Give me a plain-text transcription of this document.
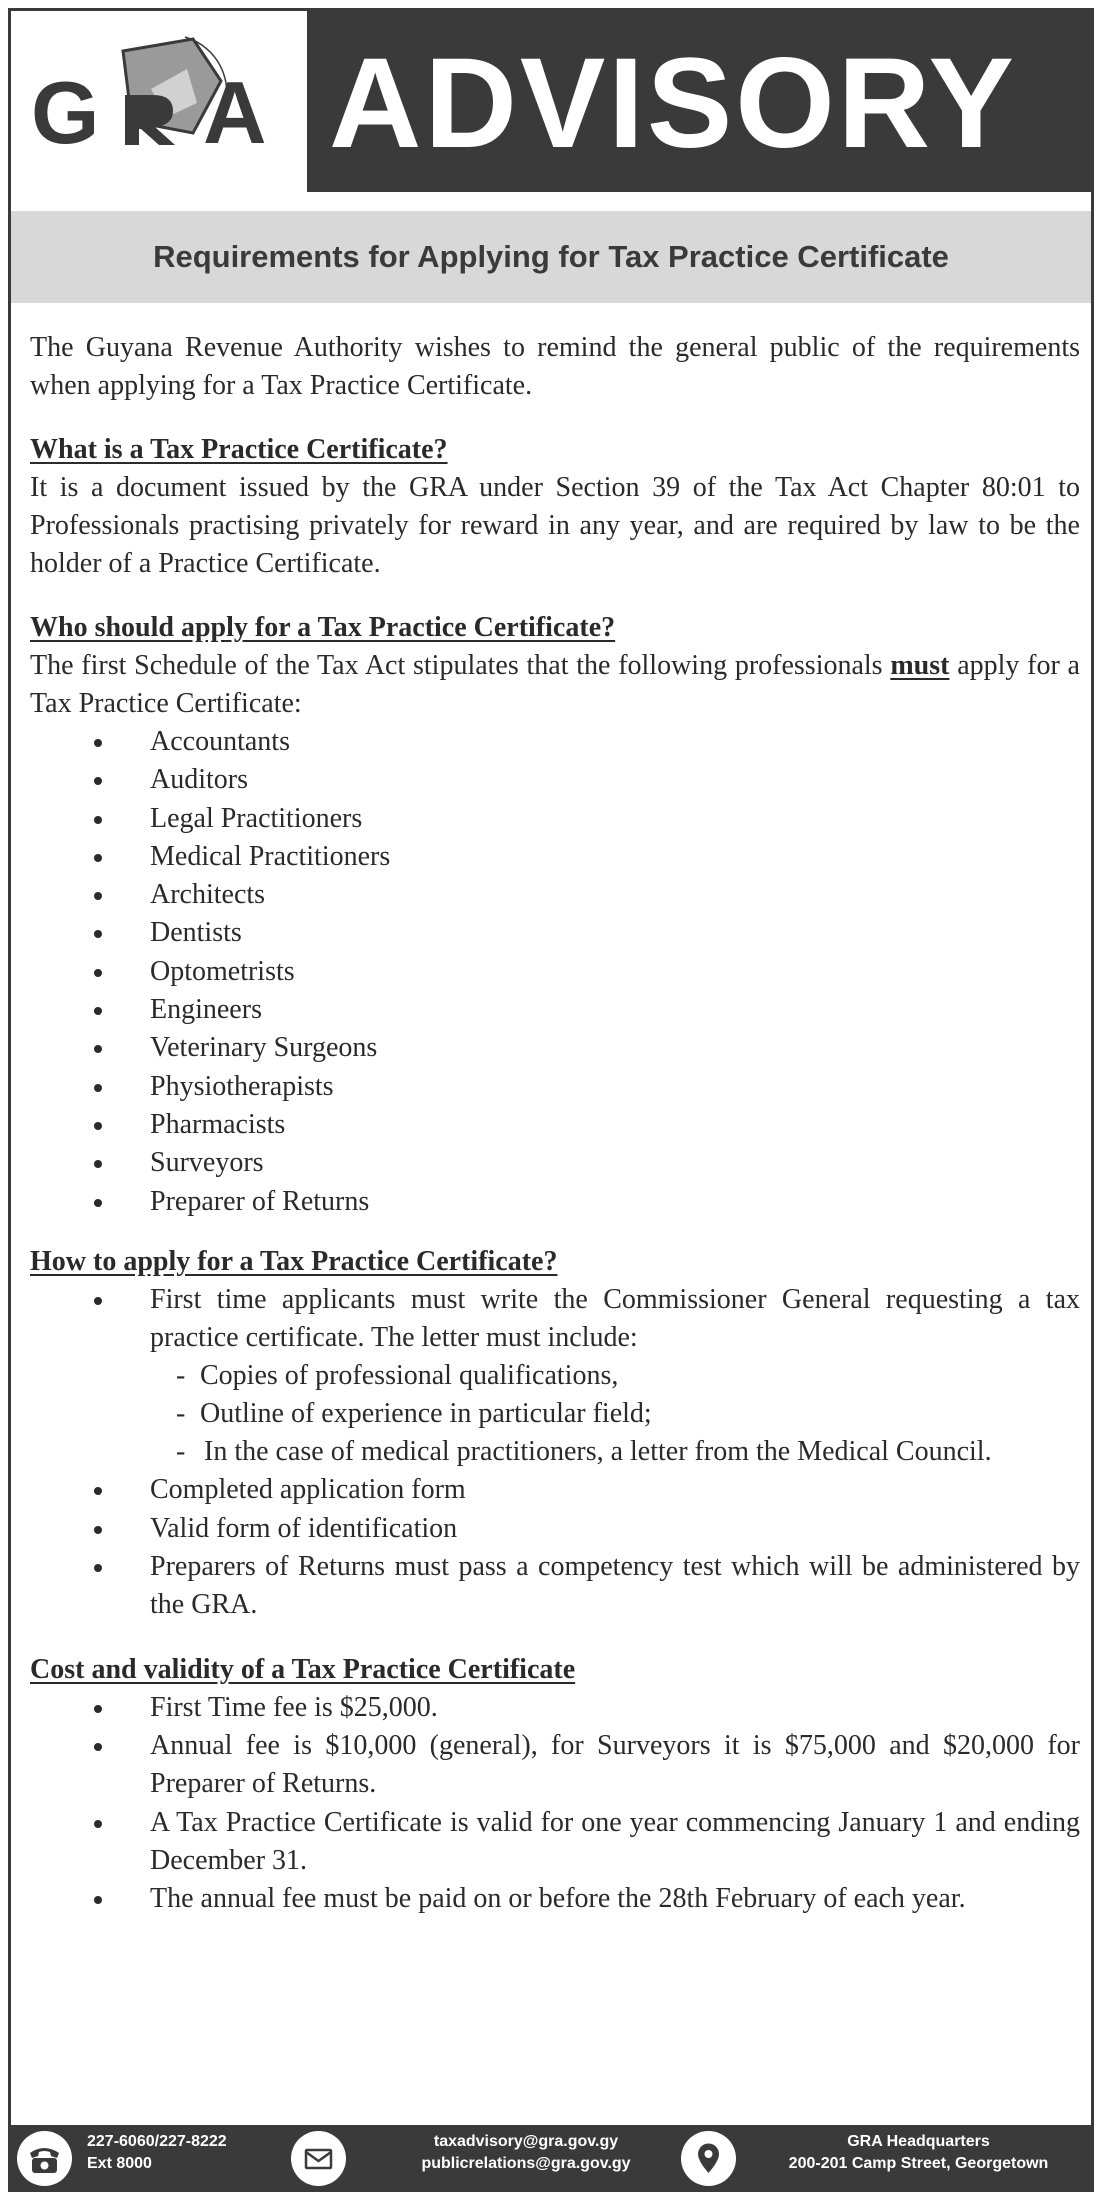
G A ADVISORY
Requirements for Applying for Tax Practice Certificate

The Guyana Revenue Authority wishes to remind the general public of the requirements when applying for a Tax Practice Certificate.

What is a Tax Practice Certificate?

It is a document issued by the GRA under Section 39 of the Tax Act Chapter 80:01 to Professionals practising privately for reward in any year, and are required by law to be the holder of a Practice Certificate.

Who should apply for a Tax Practice Certificate?

The first Schedule of the Tax Act stipulates that the following professionals must apply for a Tax Practice Certificate:

Accountants
Auditors
Legal Practitioners
Medical Practitioners
Architects
Dentists
Optometrists
Engineers
Veterinary Surgeons
Physiotherapists
Pharmacists
Surveyors
Preparer of Returns
How to apply for a Tax Practice Certificate?
First time applicants must write the Commissioner General requesting a tax practice certificate. The letter must include:
- Copies of professional qualifications,
- Outline of experience in particular field;
- In the case of medical practitioners, a letter from the Medical Council.
Completed application form
Valid form of identification
Preparers of Returns must pass a competency test which will be administered by the GRA.
Cost and validity of a Tax Practice Certificate
First Time fee is $25,000.
Annual fee is $10,000 (general), for Surveyors it is $75,000 and $20,000 for Preparer of Returns.
A Tax Practice Certificate is valid for one year commencing January 1 and ending December 31.
The annual fee must be paid on or before the 28th February of each year.
227-6060/227-8222
Ext 8000
taxadvisory@gra.gov.gy
publicrelations@gra.gov.gy
GRA Headquarters
200-201 Camp Street, Georgetown
